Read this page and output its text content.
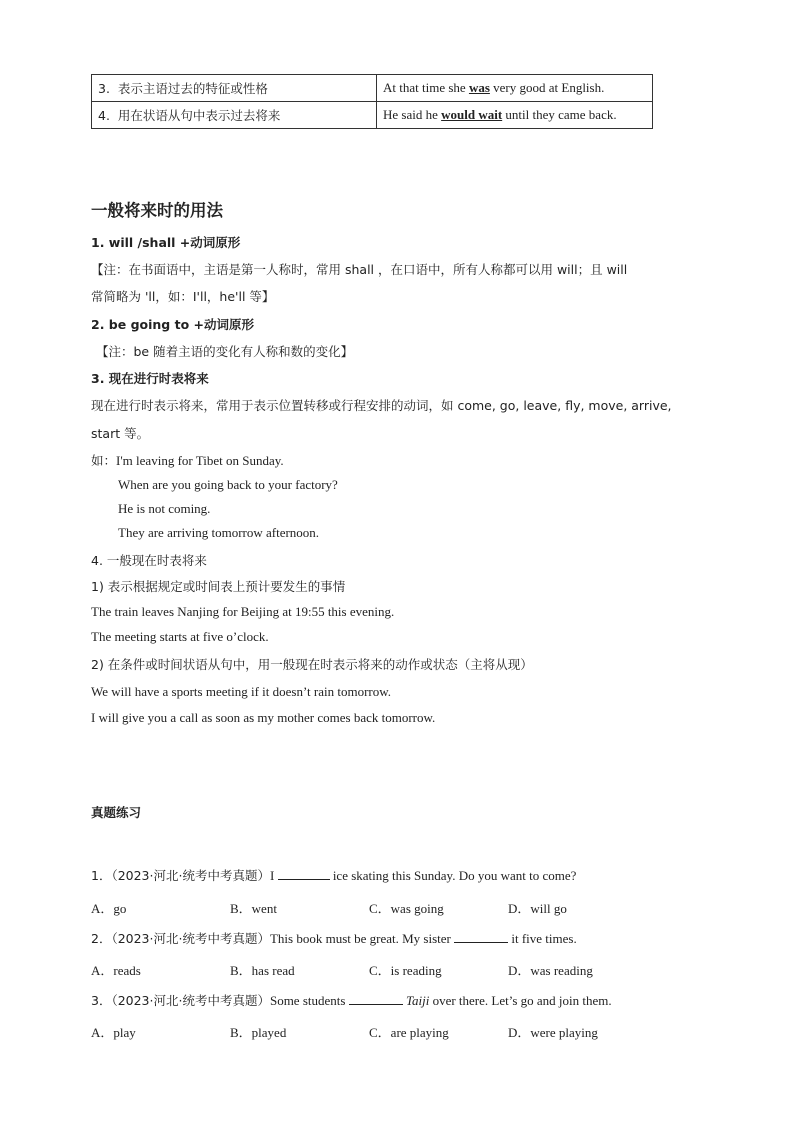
3. 表示主语过去的特征或性格	At that time she was very good at English.
4. 用在状语从句中表示过去将来	He said he would wait until they came back.
一般将来时的用法
1. will /shall +动词原形
【注：在书面语中，主语是第一人称时，常用 shall ，在口语中，所有人称都可以用 will；且 will
常简略为 'll，如：I'll，he'll 等】
2. be going to +动词原形
【注：be 随着主语的变化有人称和数的变化】
3. 现在进行时表将来
现在进行时表示将来，常用于表示位置转移或行程安排的动词，如 come, go, leave, fly, move, arrive,
start 等。
如：I'm leaving for Tibet on Sunday.
When are you going back to your factory?
He is not coming.
They are arriving tomorrow afternoon.
4. 一般现在时表将来
1) 表示根据规定或时间表上预计要发生的事情
The train leaves Nanjing for Beijing at 19:55 this evening.
The meeting starts at five o’clock.
2) 在条件或时间状语从句中，用一般现在时表示将来的动作或状态（主将从现）
We will have a sports meeting if it doesn’t rain tomorrow.
I will give you a call as soon as my mother comes back tomorrow.
真题练习
1．（2023·河北·统考中考真题）I	ice skating this Sunday. Do you want to come?
A．go	B．went	C．was going	D．will go
2．（2023·河北·统考中考真题）This book must be great. My sister	it five times.
A．reads	B．has read	C．is reading	D．was reading
3．（2023·河北·统考中考真题）Some students	Taiji over there. Let’s go and join them.
A．play	B．played	C．are playing	D．were playing
